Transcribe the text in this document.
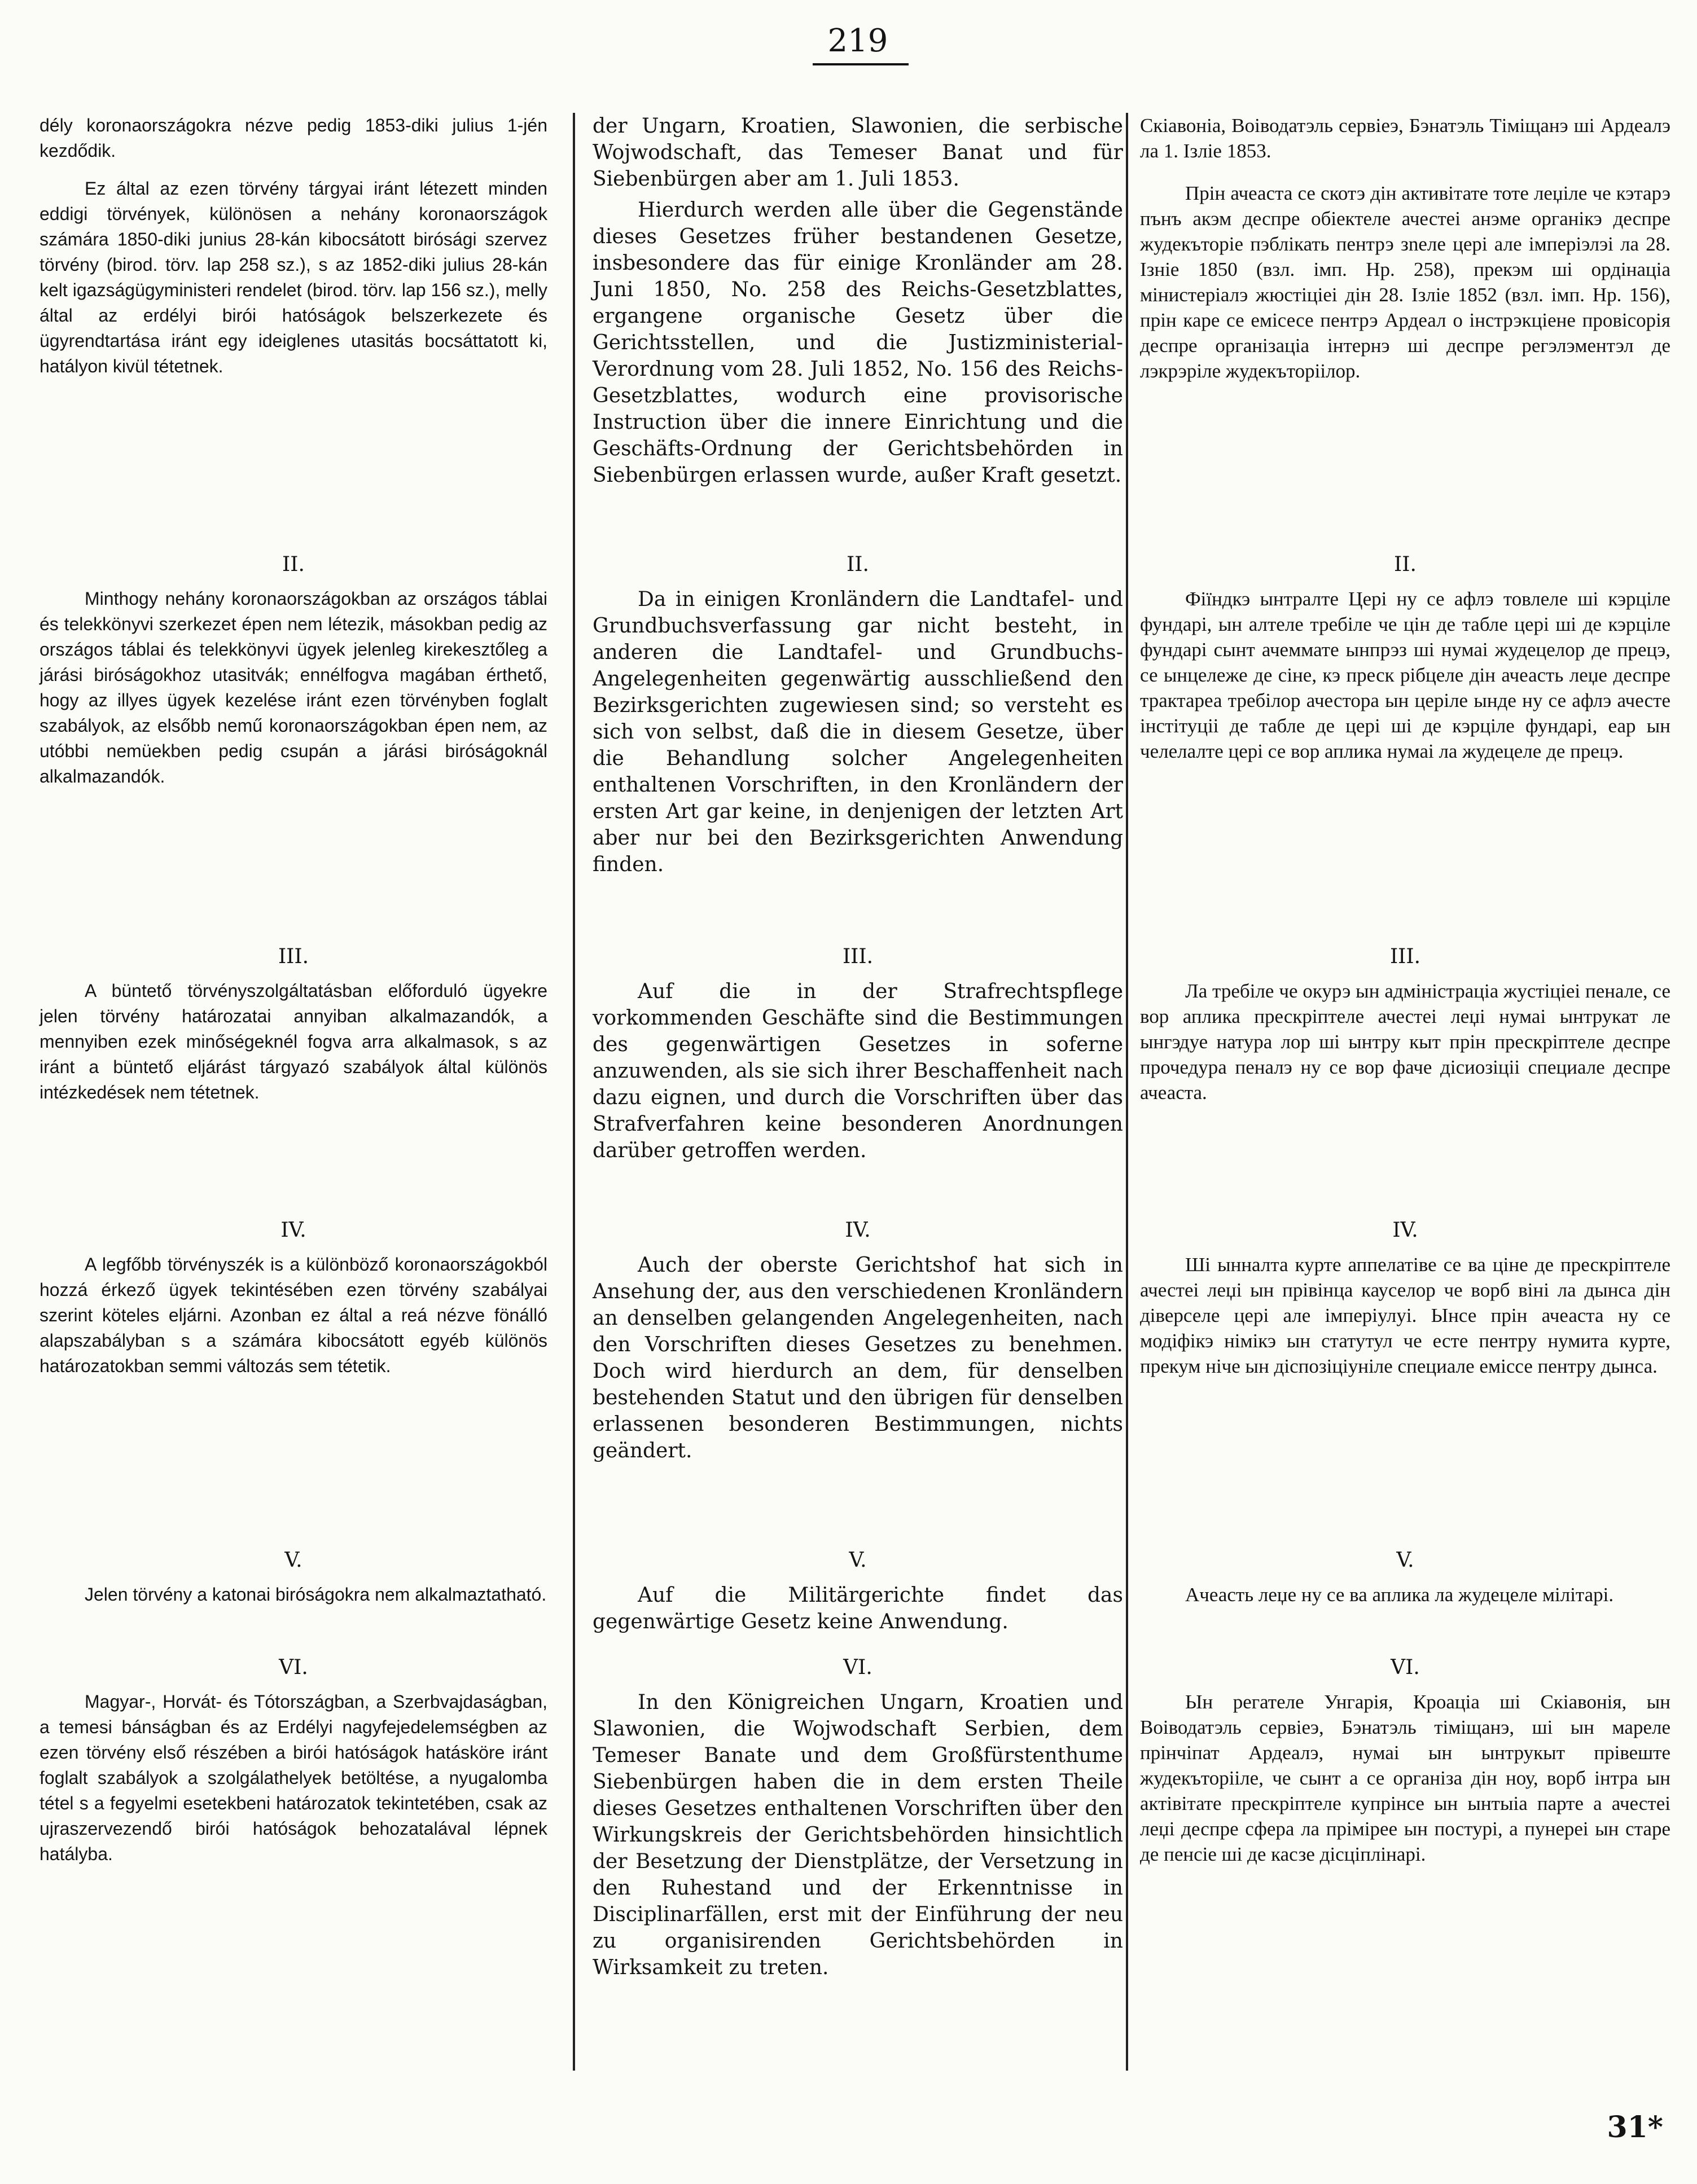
219

dély koronaországokra nézve pedig 1853-diki julius 1-jén kezdődik.

Ez által az ezen törvény tárgyai iránt létezett minden eddigi törvények, különösen a nehány koronaországok számára 1850-diki junius 28-kán kibocsátott birósági szervez törvény (birod. törv. lap 258 sz.), s az 1852-diki julius 28-kán kelt igazságügyministeri rendelet (birod. törv. lap 156 sz.), melly által az erdélyi birói hatóságok belszerkezete és ügyrendtartása iránt egy ideiglenes utasitás bocsáttatott ki, hatályon kivül tétetnek.

II.

Minthogy nehány koronaországokban az országos táblai és telekkönyvi szerkezet épen nem létezik, másokban pedig az országos táblai és telekkönyvi ügyek jelenleg kirekesztőleg a járási biróságokhoz utasitvák; ennélfogva magában érthető, hogy az illyes ügyek kezelése iránt ezen törvényben foglalt szabályok, az elsőbb nemű koronaországokban épen nem, az utóbbi nemüekben pedig csupán a járási biróságoknál alkalmazandók.

III.

A büntető törvényszolgáltatásban előforduló ügyekre jelen törvény határozatai annyiban alkalmazandók, a mennyiben ezek minőségeknél fogva arra alkalmasok, s az iránt a büntető eljárást tárgyazó szabályok által különös intézkedések nem tétetnek.

IV.

A legfőbb törvényszék is a különböző koronaországokból hozzá érkező ügyek tekintésében ezen törvény szabályai szerint köteles eljárni. Azonban ez által a reá nézve fönálló alapszabályban s a számára kibocsátott egyéb különös határozatokban semmi változás sem tétetik.

V.

Jelen törvény a katonai biróságokra nem alkalmaztatható.

VI.

Magyar-, Horvát- és Tótországban, a Szerbvajdaságban, a temesi bánságban és az Erdélyi nagyfejedelemségben az ezen törvény első részében a birói hatóságok hatásköre iránt foglalt szabályok a szolgálathelyek betöltése, a nyugalomba tétel s a fegyelmi esetekbeni határozatok tekintetében, csak az ujraszervezendő birói hatóságok behozatalával lépnek hatályba.

der Ungarn, Kroatien, Slawonien, die serbische Wojwodschaft, das Temeser Banat und für Siebenbürgen aber am 1. Juli 1853.

Hierdurch werden alle über die Gegenstände dieses Gesetzes früher bestandenen Gesetze, insbesondere das für einige Kronländer am 28. Juni 1850, No. 258 des Reichs-Gesetzblattes, ergangene organische Gesetz über die Gerichtsstellen, und die Justizministerial-Verordnung vom 28. Juli 1852, No. 156 des Reichs-Gesetzblattes, wodurch eine provisorische Instruction über die innere Einrichtung und die Geschäfts-Ordnung der Gerichtsbehörden in Siebenbürgen erlassen wurde, außer Kraft gesetzt.

II.

Da in einigen Kronländern die Landtafel- und Grundbuchsverfassung gar nicht besteht, in anderen die Landtafel- und Grundbuchs-Angelegenheiten gegenwärtig ausschließend den Bezirksgerichten zugewiesen sind; so versteht es sich von selbst, daß die in diesem Gesetze, über die Behandlung solcher Angelegenheiten enthaltenen Vorschriften, in den Kronländern der ersten Art gar keine, in denjenigen der letzten Art aber nur bei den Bezirksgerichten Anwendung finden.

III.

Auf die in der Strafrechtspflege vorkommenden Geschäfte sind die Bestimmungen des gegenwärtigen Gesetzes in soferne anzuwenden, als sie sich ihrer Beschaffenheit nach dazu eignen, und durch die Vorschriften über das Strafverfahren keine besonderen Anordnungen darüber getroffen werden.

IV.

Auch der oberste Gerichtshof hat sich in Ansehung der, aus den verschiedenen Kronländern an denselben gelangenden Angelegenheiten, nach den Vorschriften dieses Gesetzes zu benehmen. Doch wird hierdurch an dem, für denselben bestehenden Statut und den übrigen für denselben erlassenen besonderen Bestimmungen, nichts geändert.

V.

Auf die Militärgerichte findet das gegenwärtige Gesetz keine Anwendung.

VI.

In den Königreichen Ungarn, Kroatien und Slawonien, die Wojwodschaft Serbien, dem Temeser Banate und dem Großfürstenthume Siebenbürgen haben die in dem ersten Theile dieses Gesetzes enthaltenen Vorschriften über den Wirkungskreis der Gerichtsbehörden hinsichtlich der Besetzung der Dienstplätze, der Versetzung in den Ruhestand und der Erkenntnisse in Disciplinarfällen, erst mit der Einführung der neu zu organisirenden Gerichtsbehörden in Wirksamkeit zu treten.

Скіавонia, Boiводатэль сервіеэ, Бэнатэль Тіміщанэ ші Ардеалэ ла 1. Ізліе 1853.

Прін ачеаста се скотэ дін активітате тоте леџіле че кэтарэ пънъ акэм деспре обіектеле ачестеі анэме органікэ деспре жудекъторіе пэблікать пентрэ зnеле цері але імперіэлэі ла 28. Ізніе 1850 (взл. імп. Нр. 258), прекэм ші ордінаціа мінистеріалэ жюстіціеі дін 28. Ізліе 1852 (взл. імп. Нр. 156), прін каре се емісесе пентрэ Ардеал о інстрэкціене провісорія деспре організаціа інтернэ ші деспре регэлэментэл де лэкрэріле жудекъторіілор.

II.

Фіїндкэ ынтралте Цері ну се афлэ товлеле ші кэрціле фундарі, ын алтеле требіле че цін де табле цері ші де кэрціле фундарі сынт ачеммате ынпрэз ші нумаі жудецелор де прецэ, се ынцележе де сіне, кэ преск рібцеле дін ачеасть леџе деспре трактареа требілор ачестора ын церіле ынде ну се афлэ ачесте інстітуціі де табле де цері ші де кэрціле фундарі, еар ын челелалте цері се вор аплика нумаі ла жудецеле де прецэ.

III.

Ла требіле че окурэ ын адміністраціа жустіціеі пенале, се вор аплика прескріптеле ачестеі леџі нумаі ынтрукат ле ынгэдуе натура лор ші ынтру кыт прін прескріптеле деспре прочедура пеналэ ну се вор фаче дісиозіціі специале деспре ачеаста.

IV.

Ші ынналта курте аппелатіве се ва ціне де прескріптеле ачестеі леџі ын прівінца кауселор че ворб віні ла дынса дін діверселе цері але імперіулуі. Ынсе прін ачеаста ну се модіфікэ німікэ ын статутул че есте пентру нумита курте, прекум ніче ын діспозіціуніле специале еміссе пентру дынса.

V.

Ачеасть леџе ну се ва аплика ла жудецеле мілітарі.

VI.

Ын регателе Унгарія, Кроаціа ші Скіавонія, ын Воіводатэль сервіеэ, Бэнатэль тіміщанэ, ші ын мареле прінчіпат Ардеалэ, нумаі ын ынтрукыт прівеште жудекъторііле, че сынт а се організа дін ноу, ворб інтра ын актівітате прескріптеле купрінсе ын ынтыіа парте а ачестеі леџі деспре сфера ла прімірее ын постурі, а пунереі ын старе де пенсіе ші де касзе дісціплінарі.

31*
